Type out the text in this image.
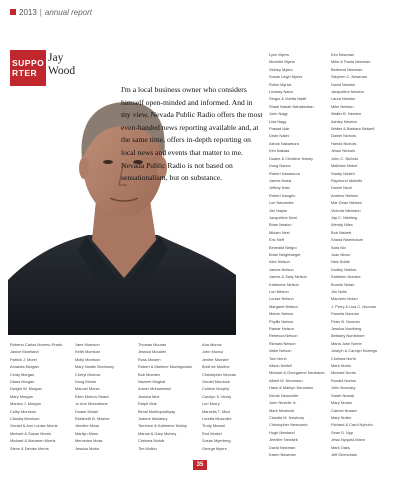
2013 | annual report
SUPPO
RTER
Jay
Wood
I'm a local business owner who considers himself open-minded and informed. And in my view, Nevada Public Radio offers the most even-handed news reporting available and, at the same time, offers in-depth reporting on local news and events that matter to me. Nevada Public Radio is not based on sensationalism, but on substance.
Lynn Myers
Michelle Myers
Sidney Myers
Susan Leigh Myers
Robin Myrick
Lindsay Nabo
Sergio & Voetta Nadif
Shadi Nahab Nahabedian
John Nagy
Lisa Nagy
Prasad Nair
Dean Nakhi
Ashok Nakamura
Kim Nakata
Duane & Christine Naney
Doug Nance
Robert Nanamura
James Nassl
Jeffrey Nast
Robert Naughn
Lori Navarrete
Jim Naylor
Jacqueline Neal
Brian Nealon
Miriam Neel
Eric Neff
Benedikt Neigro
Brian Neighbarger
Alex Nelson
James Nelson
James & Sally Nelson
Katherine Nelson
Lori Nelson
Louise Nelson
Margaret Nelson
Melvin Nelson
Phyllis Nelson
Ramar Nelson
Rebecca Nelson
Richard Nelson
Vallie Nelson
Tom Nerzi
Alison Nettell
Michael & Georganne Neubauer
Albert M. Neumann
Hans & Marilyn Neumann
Nicole Neuschfer
John Nevelle Jr.
Mark Newbold
Claudia M. Newbury
Christopher Newcomb
Hugh Newland
Jennifer Newkirk
David Newman
Karen Newman
Kim Newman
Mike & Paula Newman
Bertrand Newman
Stephen C. Newman
David Newton
Jacqueline Newton
Laura Newton
Mike Newton
Walter B. Newton
Ashley Newton
Walter & Barbara Nidwell
Daniel Nichols
Harold Nichols
Jesse Nichols
John C. Nichols
Matthew Nickel
Sandy Nickell
Raymond Nickells
Daniel Nicol
Andrew Nielsen
Mar Dean Nielsen
Victoria Niemann
Jay C. Niebling
Wendy Niles
Bob Nisbett
Shana Nisenbaum
Sara Nix
Juan Nixon
Nick Noble
Dudley Nobles
Kathleen Noeske
Bonnie Nolan
Jim Nolls
Maureen Nolan
J. Perry & Lisa C. Noonan
Pamela Noonan
Peter B. Noonan
Jessica Nordberg
Bethany Nordstrom
Maria Jose Norrie
Joseph & Carolyn Norrega
Chelsea North
Mark Norris
Michael Norris
Ronald Norton
John Novosky
Sarah Nowak
Mary Nunes
Carmel Nusser
Mary Nutter
Richard & Carol Nyholm
Sean D. Nyp
Jessi Nyquist-Mann
Mark Oaks
Jeff Obenchain
Roberto Carlos Moreno-Prado
Janice Moreland
Patrick J. Morel
Amanda Morgan
Cindy Morgan
Diana Morgan
Dwight W. Morgan
Mary Morgan
Monica J. Morgan
Colby Morrison
Claudia Morrison
Gerald & Ann Louise Morris
Michael & Susan Morris
Michael & Maureen Morris
Steve & Denise Morris
Jane Morrison
Keith Morrison
Molly Morrison
Mary Hardin Morrissey
Cheryl Morrow
Doug Morse
Manuel Morse
Ellen Morton-Seard
Jo Ann Morzatrone
Duane Moser
Elizabeth B. Mosher
Jennifer Moss
Marilyn Moss
Mercedes Moss
Jessica Motta
Thomas Mouras
Jessica Moulder
Russ Mowen
Robert & Marlene Mozingowski
Bob Mueden
Nazeeh Mughal
Anwer Muhammad
Jessica Muir
Ralph Muir
Bimal Mukhopadhyay
Joanne Mullaney
Terrence & Katherine Mulloy
Marcia & Gary Mulvey
Chelsea Mulvik
Tim Mulkin
Ana Munoz
John Munoz
Jenifer Munster
Brett de Munthe
Christopher Murcas
Gerald Murdock
Collene Murphy
Carolyn S. Murry
Lori Murry
Marcella T. Muzi
Loretta Muzzolini
Trudy Mussel
Rod Mutzel
Susan Myerberg
George Myers
35
